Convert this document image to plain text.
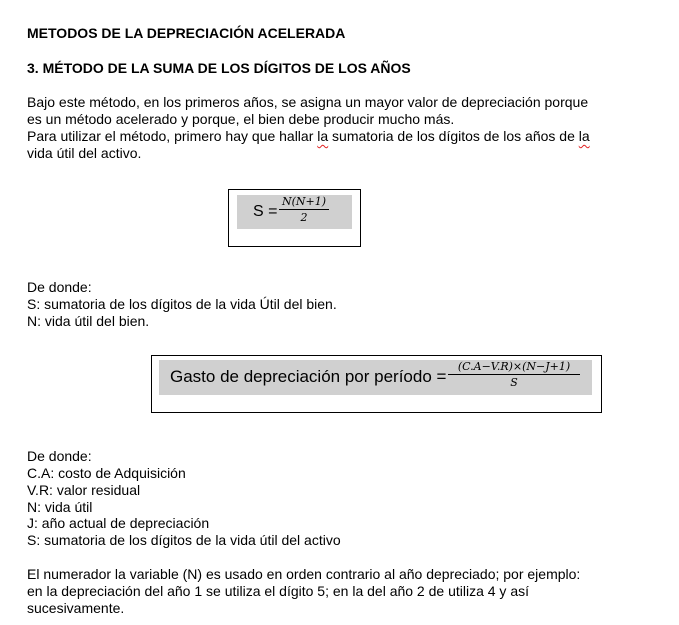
METODOS DE LA DEPRECIACIÓN ACELERADA
3. MÉTODO DE LA SUMA DE LOS DÍGITOS DE LOS AÑOS
Bajo este método, en los primeros años, se asigna un mayor valor de depreciación porque
es un método acelerado y porque, el bien debe producir mucho más.
Para utilizar el método, primero hay que hallar la sumatoria de los dígitos de los años de la
vida útil del activo.
S =
N(N+1)
2
De donde:
S: sumatoria de los dígitos de la vida Útil del bien.
N: vida útil del bien.
Gasto de depreciación por período =
(C.A−V.R)×(N−J+1)
S
De donde:
C.A: costo de Adquisición
V.R: valor residual
N: vida útil
J: año actual de depreciación
S: sumatoria de los dígitos de la vida útil del activo
El numerador la variable (N) es usado en orden contrario al año depreciado; por ejemplo:
en la depreciación del año 1 se utiliza el dígito 5; en la del año 2 de utiliza 4 y así
sucesivamente.
